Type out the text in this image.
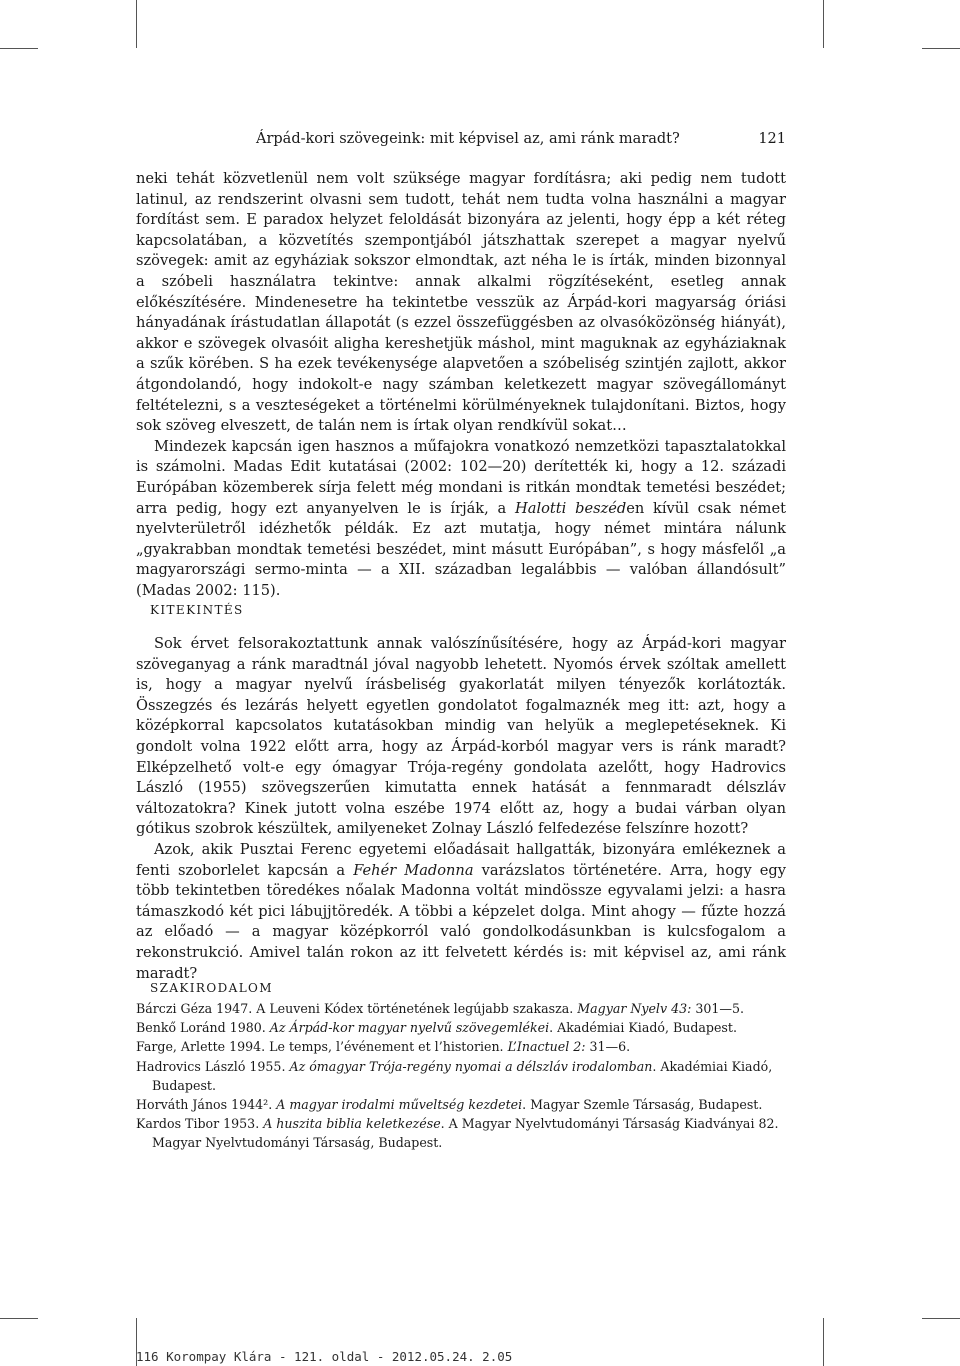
Árpád-kori szövegeink: mit képvisel az, ami ránk maradt?	121

neki tehát közvetlenül nem volt szüksége magyar fordításra; aki pedig nem tudott latinul, az rendszerint olvasni sem tudott, tehát nem tudta volna használni a magyar fordítást sem. E paradox helyzet feloldását bizonyára az jelenti, hogy épp a két réteg kapcsolatában, a közvetítés szempontjából játszhattak szerepet a magyar nyelvű szövegek: amit az egyháziak sokszor elmondtak, azt néha le is írták, minden bizonnyal a szóbeli használatra tekintve: annak alkalmi rögzítéseként, esetleg annak előkészítésére. Mindenesetre ha tekintetbe vesszük az Árpád-kori magyarság óriási hányadának írástudatlan állapotát (s ezzel összefüggésben az olvasóközönség hiányát), akkor e szövegek olvasóit aligha kereshetjük máshol, mint maguknak az egyháziaknak a szűk körében. S ha ezek tevékenysége alapvetően a szóbeliség szintjén zajlott, akkor átgondolandó, hogy indokolt-e nagy számban keletkezett magyar szövegállományt feltételezni, s a veszteségeket a történelmi körülményeknek tulajdonítani. Biztos, hogy sok szöveg elveszett, de talán nem is írtak olyan rendkívül sokat…

Mindezek kapcsán igen hasznos a műfajokra vonatkozó nemzetközi tapasztalatokkal is számolni. Madas Edit kutatásai (2002: 102—20) derítették ki, hogy a 12. századi Európában közemberek sírja felett még mondani is ritkán mondtak temetési beszédet; arra pedig, hogy ezt anyanyelven le is írják, a Halotti beszéden kívül csak német nyelvterületről idézhetők példák. Ez azt mutatja, hogy német mintára nálunk „gyakrabban mondtak temetési beszédet, mint másutt Európában”, s hogy másfelől „a magyarországi sermo-minta — a XII. században legalábbis — valóban állandósult” (Madas 2002: 115).

KITEKINTÉS

Sok érvet felsorakoztattunk annak valószínűsítésére, hogy az Árpád-kori magyar szöveganyag a ránk maradtnál jóval nagyobb lehetett. Nyomós érvek szóltak amellett is, hogy a magyar nyelvű írásbeliség gyakorlatát milyen tényezők korlátozták. Összegzés és lezárás helyett egyetlen gondolatot fogalmaznék meg itt: azt, hogy a középkorral kapcsolatos kutatásokban mindig van helyük a meglepetéseknek. Ki gondolt volna 1922 előtt arra, hogy az Árpád-korból magyar vers is ránk maradt? Elképzelhető volt-e egy ómagyar Trója-regény gondolata azelőtt, hogy Hadrovics László (1955) szövegszerűen kimutatta ennek hatását a fennmaradt délszláv változatokra? Kinek jutott volna eszébe 1974 előtt az, hogy a budai várban olyan gótikus szobrok készültek, amilyeneket Zolnay László felfedezése felszínre hozott?

Azok, akik Pusztai Ferenc egyetemi előadásait hallgatták, bizonyára emlékeznek a fenti szoborlelet kapcsán a Fehér Madonna varázslatos történetére. Arra, hogy egy több tekintetben töredékes nőalak Madonna voltát mindössze egyvalami jelzi: a hasra támaszkodó két pici lábujjtöredék. A többi a képzelet dolga. Mint ahogy — fűzte hozzá az előadó — a magyar középkorról való gondolkodásunkban is kulcsfogalom a rekonstrukció. Amivel talán rokon az itt felvetett kérdés is: mit képvisel az, ami ránk maradt?

SZAKIRODALOM

Bárczi Géza 1947. A Leuveni Kódex történetének legújabb szakasza. Magyar Nyelv 43: 301—5.

Benkő Loránd 1980. Az Árpád-kor magyar nyelvű szövegemlékei. Akadémiai Kiadó, Budapest.

Farge, Arlette 1994. Le temps, l’événement et l’historien. L’Inactuel 2: 31—6.

Hadrovics László 1955. Az ómagyar Trója-regény nyomai a délszláv irodalomban. Akadémiai Kiadó, Budapest.

Horváth János 1944². A magyar irodalmi műveltség kezdetei. Magyar Szemle Társaság, Budapest.

Kardos Tibor 1953. A huszita biblia keletkezése. A Magyar Nyelvtudományi Társaság Kiadványai 82. Magyar Nyelvtudományi Társaság, Budapest.

116 Korompay Klára - 121. oldal - 2012.05.24. 2.05
